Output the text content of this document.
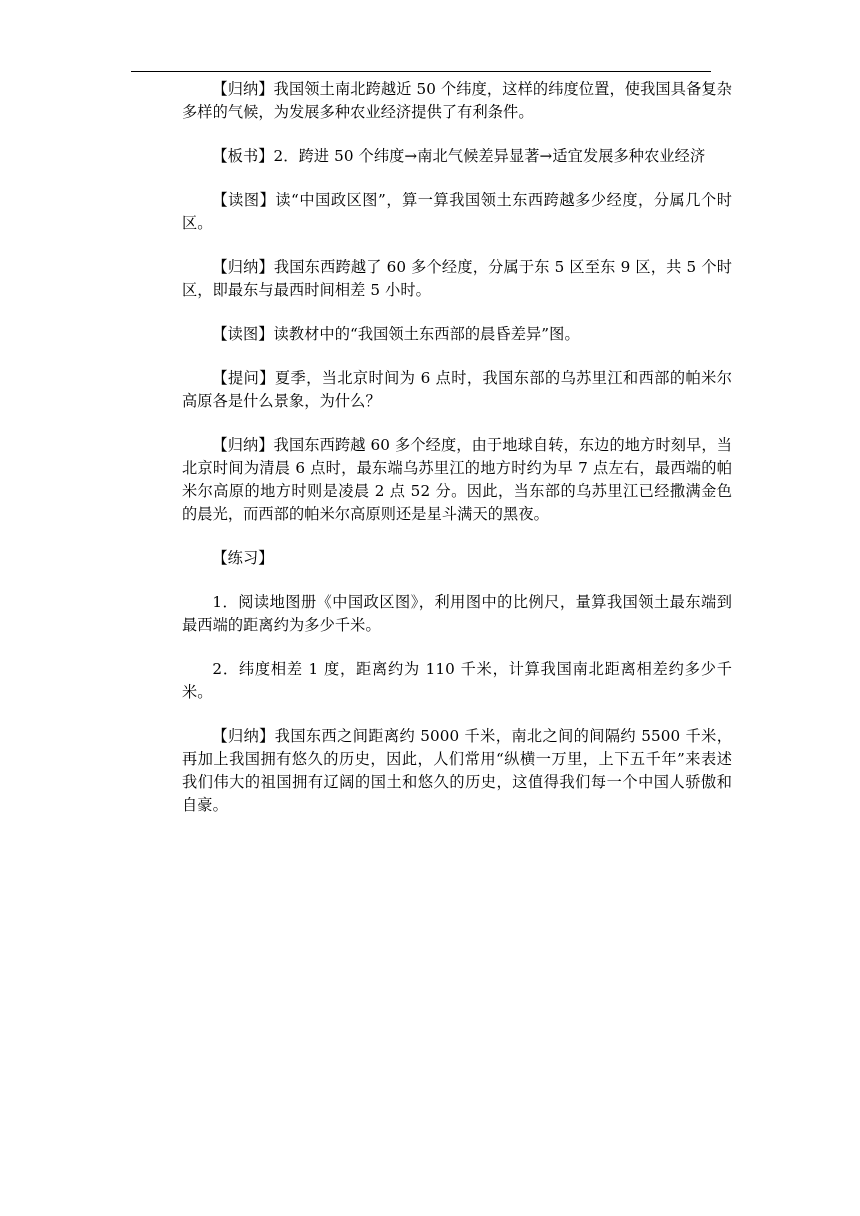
【归纳】我国领土南北跨越近 50 个纬度，这样的纬度位置，使我国具备复杂多样的气候，为发展多种农业经济提供了有利条件。

【板书】2．跨进 50 个纬度→南北气候差异显著→适宜发展多种农业经济

【读图】读“中国政区图”，算一算我国领土东西跨越多少经度，分属几个时区。

【归纳】我国东西跨越了 60 多个经度，分属于东 5 区至东 9 区，共 5 个时区，即最东与最西时间相差 5 小时。

【读图】读教材中的“我国领土东西部的晨昏差异”图。

【提问】夏季，当北京时间为 6 点时，我国东部的乌苏里江和西部的帕米尔高原各是什么景象，为什么？

【归纳】我国东西跨越 60 多个经度，由于地球自转，东边的地方时刻早，当北京时间为清晨 6 点时，最东端乌苏里江的地方时约为早 7 点左右，最西端的帕米尔高原的地方时则是凌晨 2 点 52 分。因此，当东部的乌苏里江已经撒满金色的晨光，而西部的帕米尔高原则还是星斗满天的黑夜。

【练习】

1．阅读地图册《中国政区图》，利用图中的比例尺，量算我国领土最东端到最西端的距离约为多少千米。

2．纬度相差 1 度，距离约为 110 千米，计算我国南北距离相差约多少千米。

【归纳】我国东西之间距离约 5000 千米，南北之间的间隔约 5500 千米，再加上我国拥有悠久的历史，因此，人们常用“纵横一万里，上下五千年”来表述我们伟大的祖国拥有辽阔的国土和悠久的历史，这值得我们每一个中国人骄傲和自豪。
